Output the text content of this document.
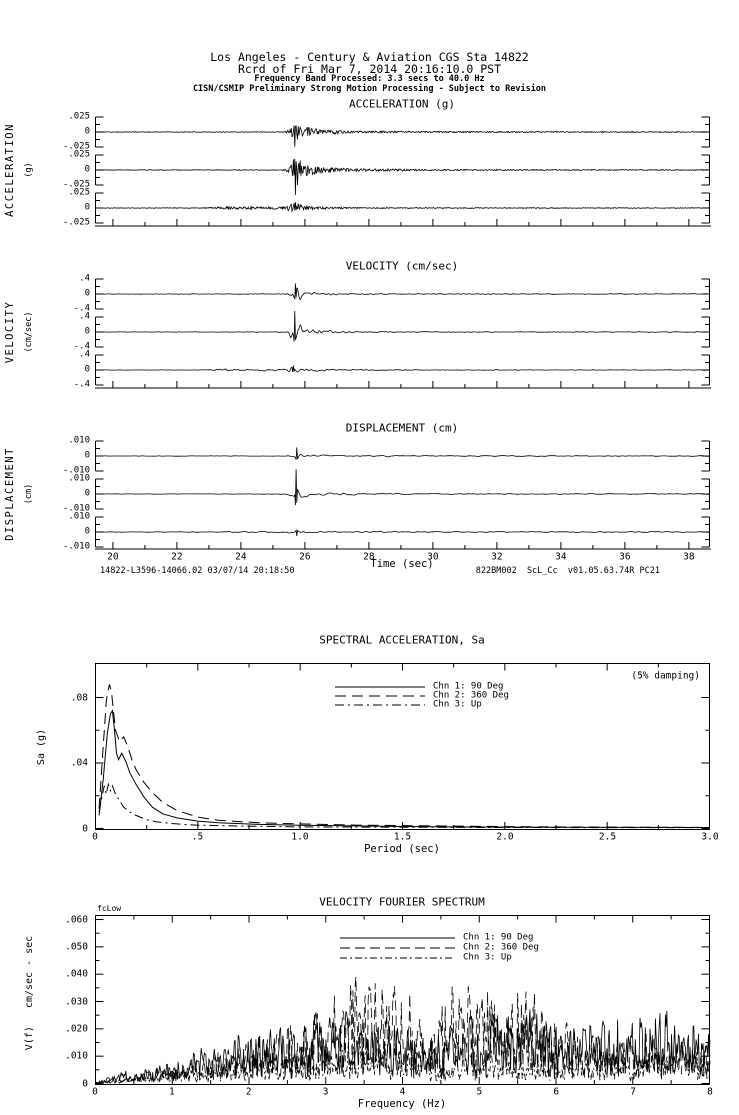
Los Angeles - Century & Aviation CGS Sta 14822
Rcrd of Fri Mar 7, 2014 20:16:10.0 PST
Frequency Band Processed: 3.3 secs to 40.0 Hz
CISN/CSMIP Preliminary Strong Motion Processing - Subject to Revision
ACCELERATION (g)
ACCELERATION (g)
.025
0
-.025
.025
0
-.025
.025
0
-.025
VELOCITY (cm/sec)
VELOCITY (cm/sec)
.4
0
-.4
.4
0
-.4
.4
0
-.4
DISPLACEMENT (cm)
DISPLACEMENT (cm)
.010
0
-.010
.010
0
-.010
.010
0
-.010
20	22	24	26	28	30	32	34	36	38
Time (sec)
14822-L3596-14066.02 03/07/14 20:18:50	822BM002  ScL_Cc  v01.05.63.74R PC21
SPECTRAL ACCELERATION, Sa
(5% damping)
Chn 1: 90 Deg
Chn 2: 360 Deg
Chn 3: Up
.08
.04
0
0	.5	1.0	1.5	2.0	2.5	3.0
Period (sec)
Sa (g)
VELOCITY FOURIER SPECTRUM
fcLow
Chn 1: 90 Deg
Chn 2: 360 Deg
Chn 3: Up
.060
.050
.040
.030
.020
.010
0
0	1	2	3	4	5	6	7	8
Frequency (Hz)
V(f)   cm/sec - sec
